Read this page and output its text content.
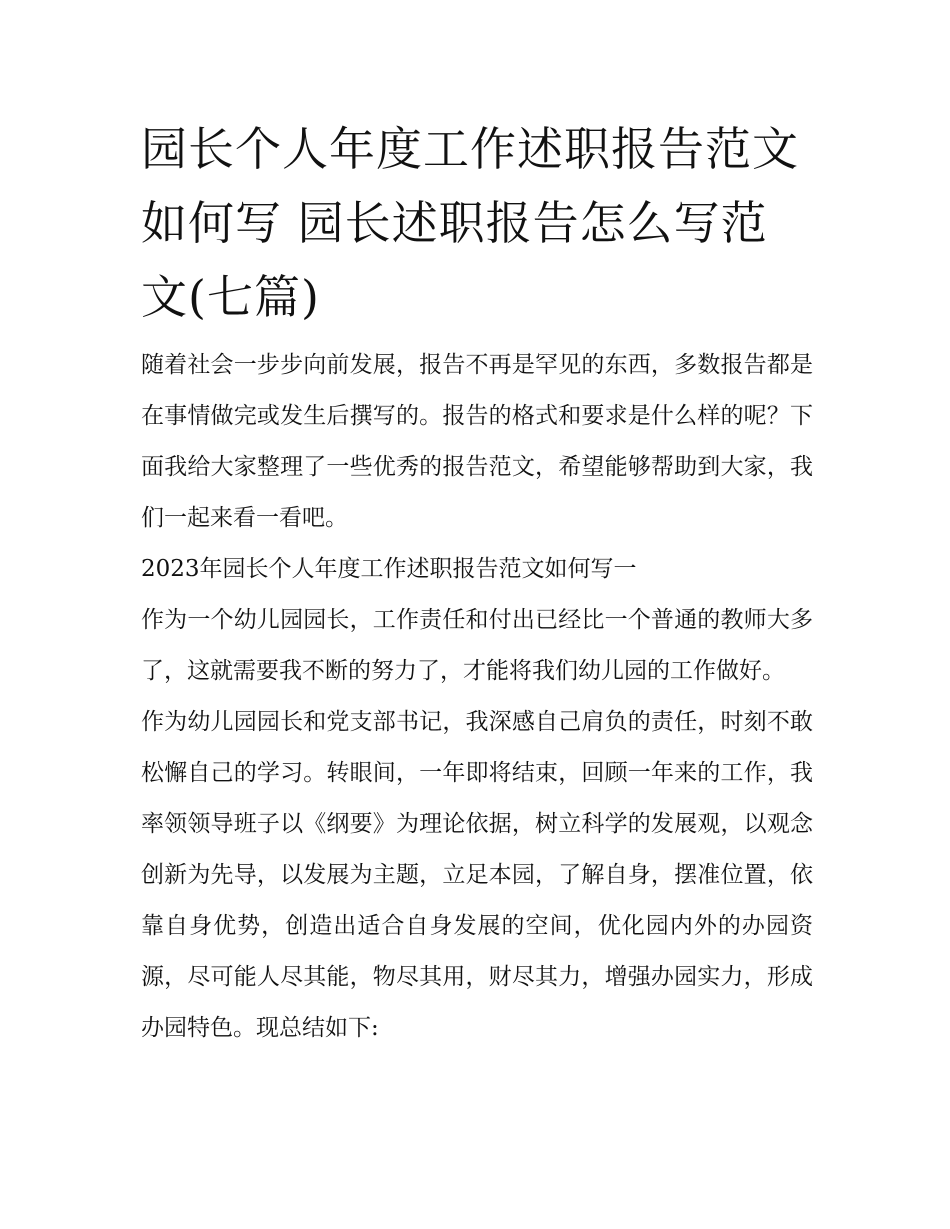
园长个人年度工作述职报告范文如何写 园长述职报告怎么写范文(七篇)

随着社会一步步向前发展，报告不再是罕见的东西，多数报告都是在事情做完或发生后撰写的。报告的格式和要求是什么样的呢？下面我给大家整理了一些优秀的报告范文，希望能够帮助到大家，我们一起来看一看吧。

2023年园长个人年度工作述职报告范文如何写一

作为一个幼儿园园长，工作责任和付出已经比一个普通的教师大多了，这就需要我不断的努力了，才能将我们幼儿园的工作做好。

作为幼儿园园长和党支部书记，我深感自己肩负的责任，时刻不敢松懈自己的学习。转眼间，一年即将结束，回顾一年来的工作，我率领领导班子以《纲要》为理论依据，树立科学的发展观，以观念创新为先导，以发展为主题，立足本园，了解自身，摆准位置，依靠自身优势，创造出适合自身发展的空间，优化园内外的办园资源，尽可能人尽其能，物尽其用，财尽其力，增强办园实力，形成办园特色。现总结如下:
